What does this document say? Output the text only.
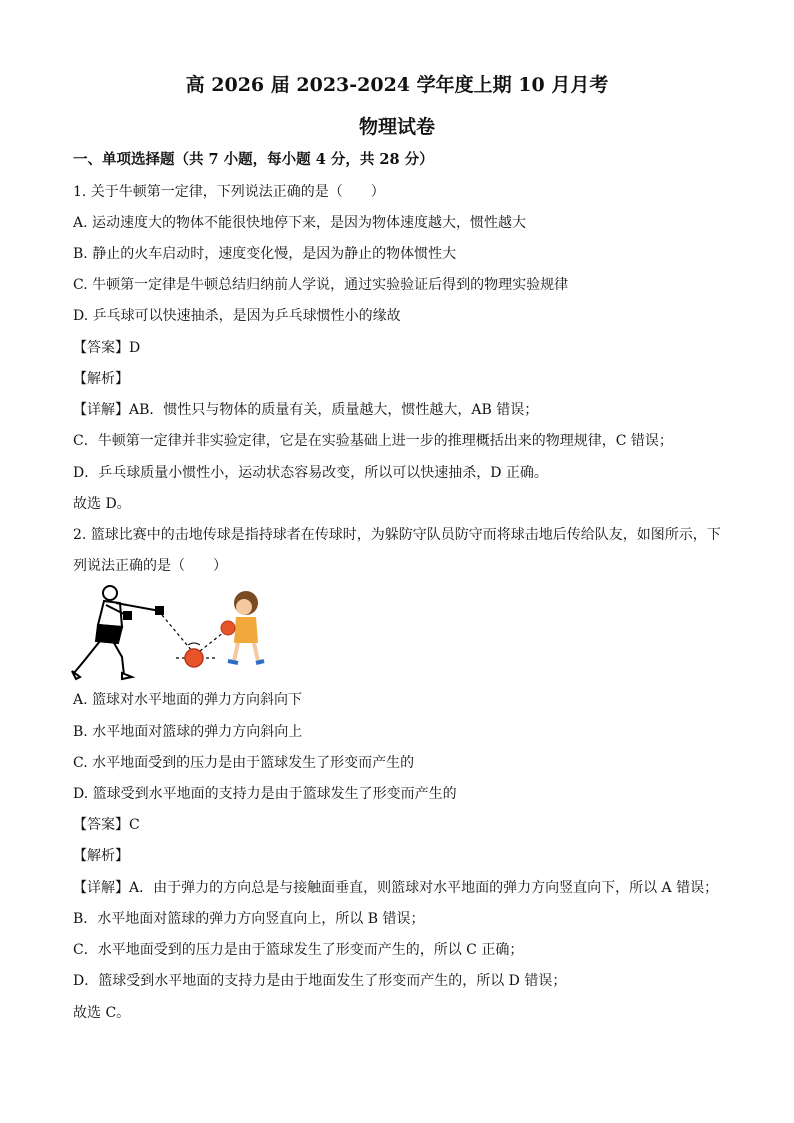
高 2026 届 2023-2024 学年度上期 10 月月考
物理试卷
一、单项选择题（共 7 小题，每小题 4 分，共 28 分）
1. 关于牛顿第一定律，下列说法正确的是（　　）
A. 运动速度大的物体不能很快地停下来，是因为物体速度越大，惯性越大
B. 静止的火车启动时，速度变化慢，是因为静止的物体惯性大
C. 牛顿第一定律是牛顿总结归纳前人学说，通过实验验证后得到的物理实验规律
D. 乒乓球可以快速抽杀，是因为乒乓球惯性小的缘故
【答案】D
【解析】
【详解】AB．惯性只与物体的质量有关，质量越大，惯性越大，AB 错误；
C．牛顿第一定律并非实验定律，它是在实验基础上进一步的推理概括出来的物理规律，C 错误；
D．乒乓球质量小惯性小，运动状态容易改变，所以可以快速抽杀，D 正确。
故选 D。
2. 篮球比赛中的击地传球是指持球者在传球时，为躲防守队员防守而将球击地后传给队友，如图所示，下
列说法正确的是（　　）
A. 篮球对水平地面的弹力方向斜向下
B. 水平地面对篮球的弹力方向斜向上
C. 水平地面受到的压力是由于篮球发生了形变而产生的
D. 篮球受到水平地面的支持力是由于篮球发生了形变而产生的
【答案】C
【解析】
【详解】A．由于弹力的方向总是与接触面垂直，则篮球对水平地面的弹力方向竖直向下，所以 A 错误；
B．水平地面对篮球的弹力方向竖直向上，所以 B 错误；
C．水平地面受到的压力是由于篮球发生了形变而产生的，所以 C 正确；
D．篮球受到水平地面的支持力是由于地面发生了形变而产生的，所以 D 错误；
故选 C。
